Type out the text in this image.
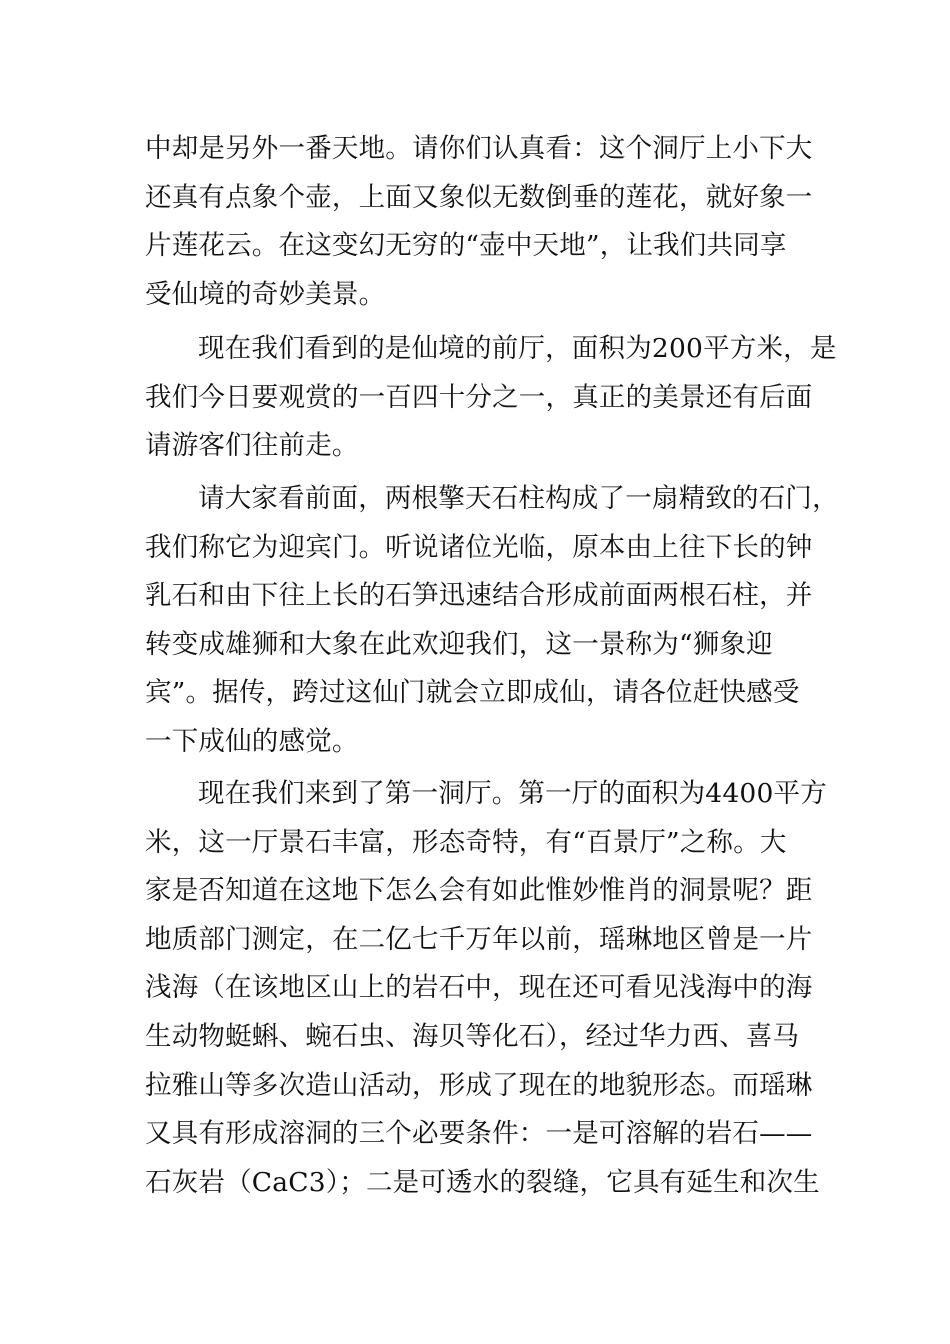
中却是另外一番天地。请你们认真看：这个洞厅上小下大
还真有点象个壶，上面又象似无数倒垂的莲花，就好象一
片莲花云。在这变幻无穷的“壶中天地”，让我们共同享
受仙境的奇妙美景。
现在我们看到的是仙境的前厅，面积为200平方米，是
我们今日要观赏的一百四十分之一，真正的美景还有后面
请游客们往前走。
请大家看前面，两根擎天石柱构成了一扇精致的石门，
我们称它为迎宾门。听说诸位光临，原本由上往下长的钟
乳石和由下往上长的石笋迅速结合形成前面两根石柱，并
转变成雄狮和大象在此欢迎我们，这一景称为“狮象迎
宾”。据传，跨过这仙门就会立即成仙，请各位赶快感受
一下成仙的感觉。
现在我们来到了第一洞厅。第一厅的面积为4400平方
米，这一厅景石丰富，形态奇特，有“百景厅”之称。大
家是否知道在这地下怎么会有如此惟妙惟肖的洞景呢？距
地质部门测定，在二亿七千万年以前，瑶琳地区曾是一片
浅海（在该地区山上的岩石中，现在还可看见浅海中的海
生动物蜓蝌、蜿石虫、海贝等化石），经过华力西、喜马
拉雅山等多次造山活动，形成了现在的地貌形态。而瑶琳
又具有形成溶洞的三个必要条件：一是可溶解的岩石——
石灰岩（CaC3）；二是可透水的裂缝，它具有延生和次生
